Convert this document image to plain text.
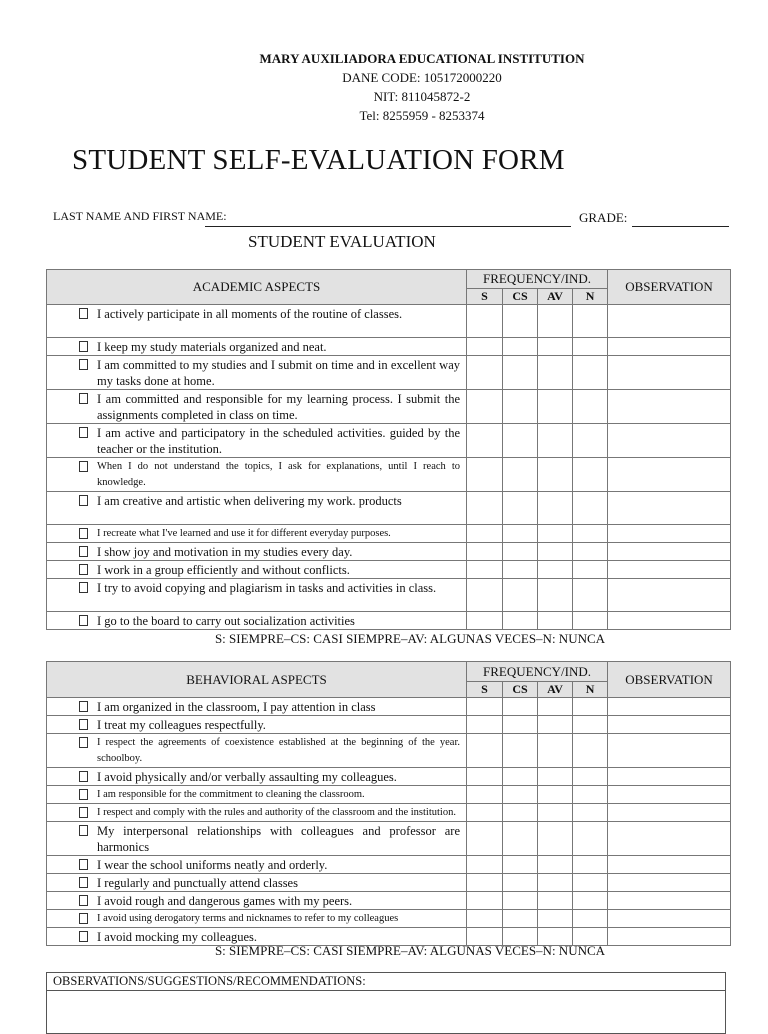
MARY AUXILIADORA EDUCATIONAL INSTITUTION
DANE CODE: 105172000220
NIT: 811045872-2
Tel: 8255959 - 8253374
STUDENT SELF-EVALUATION FORM
LAST NAME AND FIRST NAME:	GRADE:
STUDENT EVALUATION
ACADEMIC ASPECTS	FREQUENCY/IND.				OBSERVATION
	S	CS	AV	N	

I actively participate in all moments of the routine of classes.					

I keep my study materials organized and neat.					

I am committed to my studies and I submit on time and in excellent way my tasks done at home.					

I am committed and responsible for my learning process. I submit the assignments completed in class on time.					

I am active and participatory in the scheduled activities. guided by the teacher or the institution.					

When I do not understand the topics, I ask for explanations, until I reach to knowledge.					

I am creative and artistic when delivering my work. products					

I recreate what I've learned and use it for different everyday purposes.					

I show joy and motivation in my studies every day.					

I work in a group efficiently and without conflicts.					

I try to avoid copying and plagiarism in tasks and activities in class.					

I go to the board to carry out socialization activities					

S: SIEMPRE–CS: CASI SIEMPRE–AV: ALGUNAS VECES–N: NUNCA
BEHAVIORAL ASPECTS	FREQUENCY/IND.				OBSERVATION
	S	CS	AV	N	

I am organized in the classroom, I pay attention in class					

I treat my colleagues respectfully.					

I respect the agreements of coexistence established at the beginning of the year. schoolboy.					

I avoid physically and/or verbally assaulting my colleagues.					

I am responsible for the commitment to cleaning the classroom.					

I respect and comply with the rules and authority of the classroom and the institution.					

My interpersonal relationships with colleagues and professor are harmonics					

I wear the school uniforms neatly and orderly.					

I regularly and punctually attend classes					

I avoid rough and dangerous games with my peers.					

I avoid using derogatory terms and nicknames to refer to my colleagues					

I avoid mocking my colleagues.					

S: SIEMPRE–CS: CASI SIEMPRE–AV: ALGUNAS VECES–N: NUNCA
OBSERVATIONS/SUGGESTIONS/RECOMMENDATIONS:
